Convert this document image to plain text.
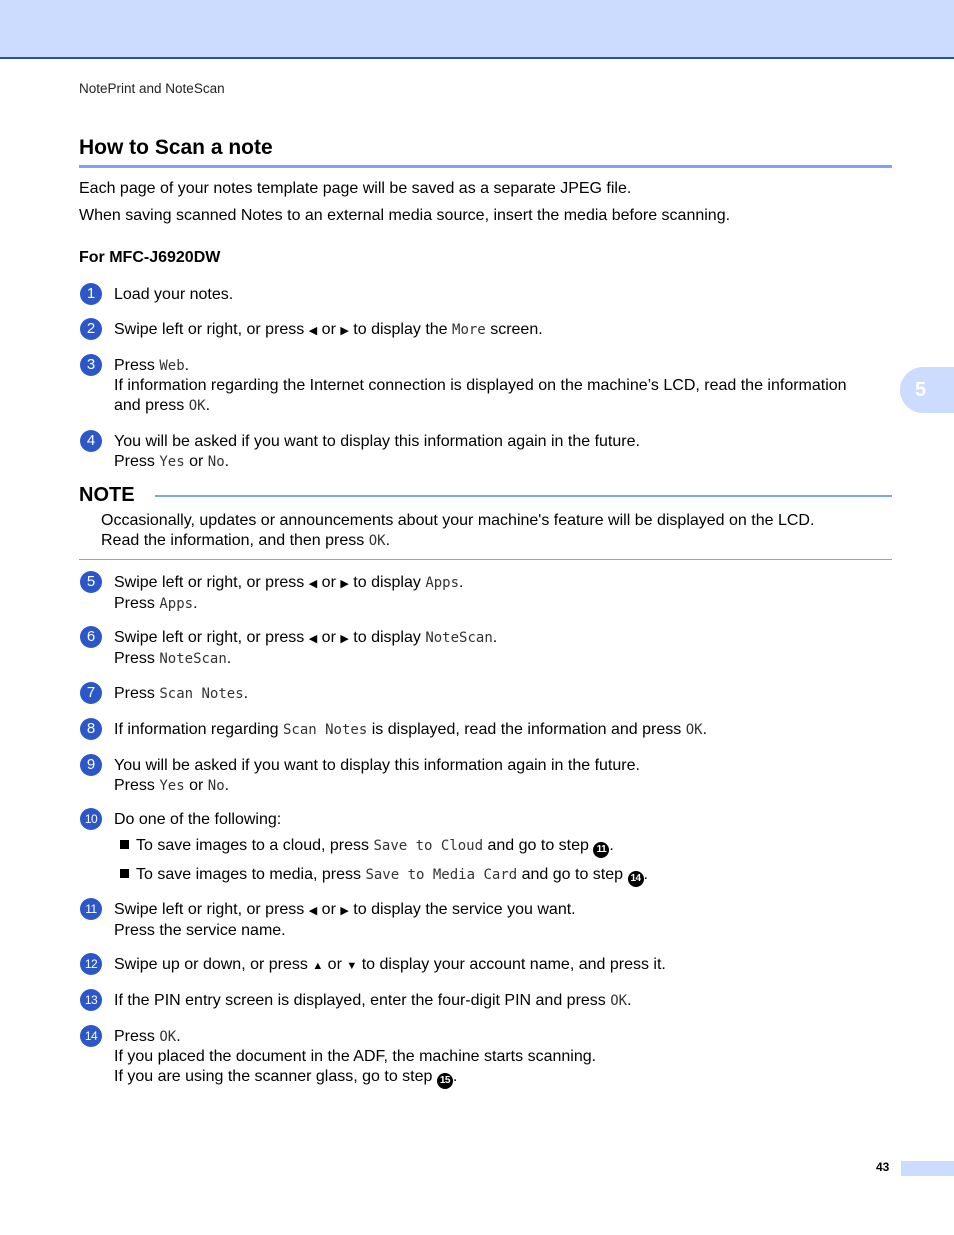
NotePrint and NoteScan
5
How to Scan a note
Each page of your notes template page will be saved as a separate JPEG file.
When saving scanned Notes to an external media source, insert the media before scanning.
For MFC-J6920DW
1	Load your notes.
2	Swipe left or right, or press ◀ or ▶ to display the More screen.
3	Press Web.
If information regarding the Internet connection is displayed on the machine’s LCD, read the information
and press OK.
4	You will be asked if you want to display this information again in the future.
Press Yes or No.
NOTE
Occasionally, updates or announcements about your machine's feature will be displayed on the LCD.
Read the information, and then press OK.
5	Swipe left or right, or press ◀ or ▶ to display Apps.
Press Apps.
6	Swipe left or right, or press ◀ or ▶ to display NoteScan.
Press NoteScan.
7	Press Scan Notes.
8	If information regarding Scan Notes is displayed, read the information and press OK.
9	You will be asked if you want to display this information again in the future.
Press Yes or No.
10	Do one of the following:
To save images to a cloud, press Save to Cloud and go to step 11 .
To save images to media, press Save to Media Card and go to step 14 .
11	Swipe left or right, or press ◀ or ▶ to display the service you want.
Press the service name.
12	Swipe up or down, or press ▲ or ▼ to display your account name, and press it.
13	If the PIN entry screen is displayed, enter the four-digit PIN and press OK.
14	Press OK.
If you placed the document in the ADF, the machine starts scanning.
If you are using the scanner glass, go to step 15 .
43
